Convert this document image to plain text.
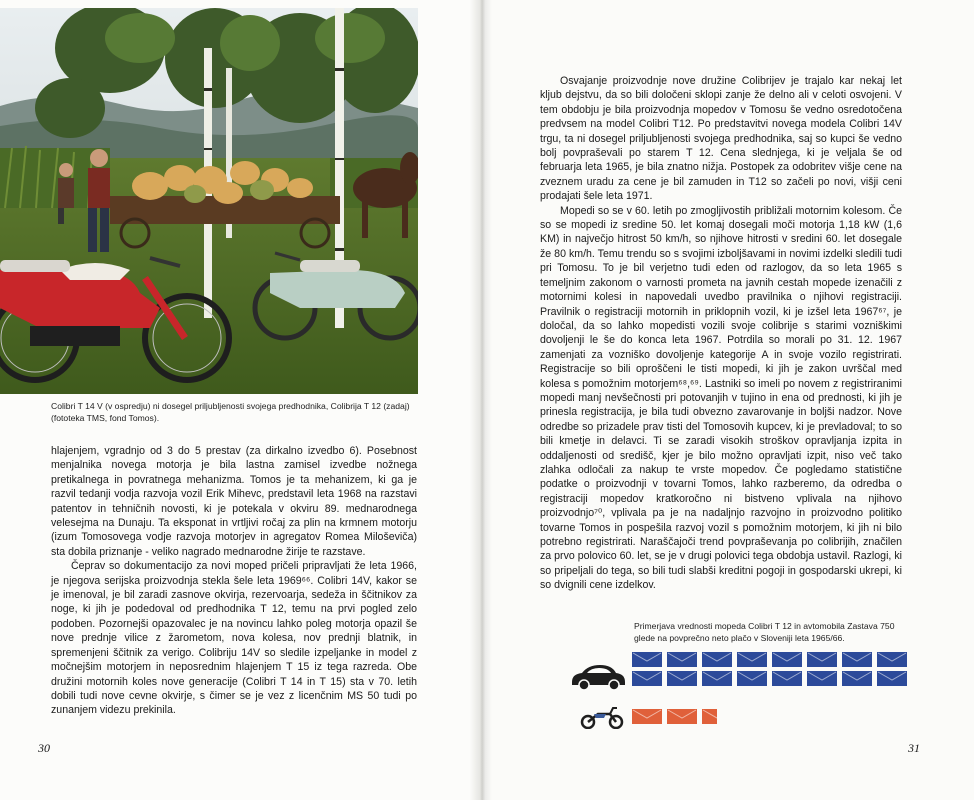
Colibri T 14 V (v ospredju) ni dosegel priljubljenosti svojega predhodnika, Colibrija T 12 (zadaj) (fototeka TMS, fond Tomos).

hlajenjem, vgradnjo od 3 do 5 prestav (za dirkalno izvedbo 6). Posebnost menjalnika novega motorja je bila lastna zamisel izvedbe nožnega pretikalnega in povratnega mehanizma. Tomos je ta mehanizem, ki ga je razvil tedanji vodja razvoja vozil Erik Mihevc, predstavil leta 1968 na razstavi patentov in tehničnih novosti, ki je potekala v okviru 89. mednarodnega velesejma na Dunaju. Ta eksponat in vrtljivi ročaj za plin na krmnem motorju (izum Tomosovega vodje razvoja motorjev in agregatov Romea Miloševiča) sta dobila priznanje - veliko nagrado mednarodne žirije te razstave.

Čeprav so dokumentacijo za novi moped pričeli pripravljati že leta 1966, je njegova serijska proizvodnja stekla šele leta 1969⁶⁶. Colibri 14V, kakor se je imenoval, je bil zaradi zasnove okvirja, rezervoarja, sedeža in ščitnikov za noge, ki jih je podedoval od predhodnika T 12, temu na prvi pogled zelo podoben. Pozornejši opazovalec je na novincu lahko poleg motorja opazil še nove prednje vilice z žarometom, nova kolesa, nov prednji blatnik, in spremenjeni ščitnik za verigo. Colibriju 14V so sledile izpeljanke in model z močnejšim motorjem in neposrednim hlajenjem T 15 iz tega razreda. Obe družini motornih koles nove generacije (Colibri T 14 in T 15) sta v 70. letih dobili tudi nove cevne okvirje, s čimer se je vez z licenčnim MS 50 tudi po zunanjem videzu prekinila.

30

Osvajanje proizvodnje nove družine Colibrijev je trajalo kar nekaj let kljub dejstvu, da so bili določeni sklopi zanje že delno ali v celoti osvojeni. V tem obdobju je bila proizvodnja mopedov v Tomosu še vedno osredotočena predvsem na model Colibri T12. Po predstavitvi novega modela Colibri 14V trgu, ta ni dosegel priljubljenosti svojega predhodnika, saj so kupci še vedno bolj povpraševali po starem T 12. Cena slednjega, ki je veljala še od februarja leta 1965, je bila znatno nižja. Postopek za odobritev višje cene na zveznem uradu za cene je bil zamuden in T12 so začeli po novi, višji ceni prodajati šele leta 1971.

Mopedi so se v 60. letih po zmogljivostih približali motornim kolesom. Če so se mopedi iz sredine 50. let komaj dosegali moči motorja 1,18 kW (1,6 KM) in največjo hitrost 50 km/h, so njihove hitrosti v sredini 60. let dosegale že 80 km/h. Temu trendu so s svojimi izboljšavami in novimi izdelki sledili tudi pri Tomosu. To je bil verjetno tudi eden od razlogov, da so leta 1965 s temeljnim zakonom o varnosti prometa na javnih cestah mopede izenačili z motornimi kolesi in napovedali uvedbo pravilnika o njihovi registraciji. Pravilnik o registraciji motornih in priklopnih vozil, ki je izšel leta 1967⁶⁷, je določal, da so lahko mopedisti vozili svoje colibrije s starimi vozniškimi dovoljenji le še do konca leta 1967. Potrdila so morali po 31. 12. 1967 zamenjati za vozniško dovoljenje kategorije A in svoje vozilo registrirati. Registracije so bili oproščeni le tisti mopedi, ki jih je zakon uvrščal med kolesa s pomožnim motorjem⁶⁸,⁶⁹. Lastniki so imeli po novem z registriranimi mopedi manj nevšečnosti pri potovanjih v tujino in ena od prednosti, ki jih je prinesla registracija, je bila tudi obvezno zavarovanje in boljši nadzor. Nove odredbe so prizadele prav tisti del Tomosovih kupcev, ki je prevladoval; to so bili kmetje in delavci. Ti se zaradi visokih stroškov opravljanja izpita in oddaljenosti od središč, kjer je bilo možno opravljati izpit, niso več tako zlahka odločali za nakup te vrste mopedov. Če pogledamo statistične podatke o proizvodnji v tovarni Tomos, lahko razberemo, da odredba o registraciji mopedov kratkoročno ni bistveno vplivala na njihovo proizvodnjo⁷⁰, vplivala pa je na nadaljnjo razvojno in proizvodno politiko tovarne Tomos in pospešila razvoj vozil s pomožnim motorjem, ki jih ni bilo potrebno registrirati. Naraščajoči trend povpraševanja po colibrijih, značilen za prvo polovico 60. let, se je v drugi polovici tega obdobja ustavil. Razlogi, ki so pripeljali do tega, so bili tudi slabši kreditni pogoji in gospodarski ukrepi, ki so dvignili cene izdelkov.

Primerjava vrednosti mopeda Colibri T 12 in avtomobila Zastava 750 glede na povprečno neto plačo v Sloveniji leta 1965/66.
31
